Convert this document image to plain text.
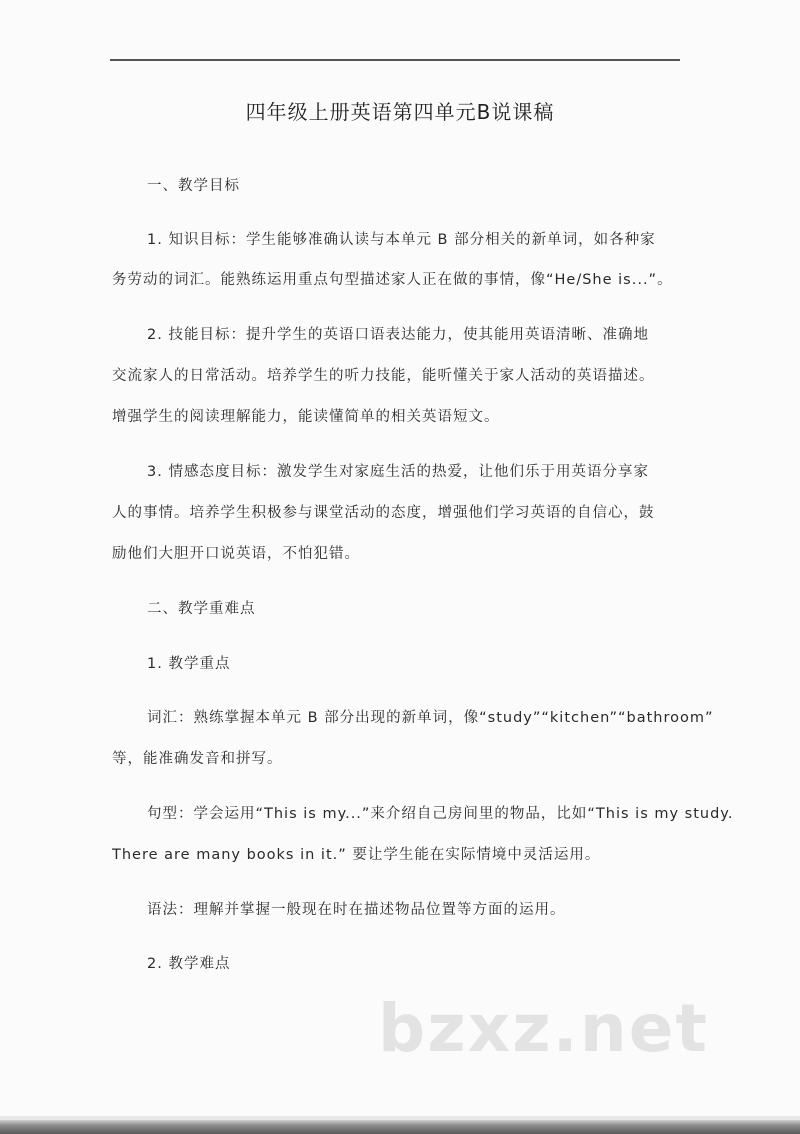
四年级上册英语第四单元B说课稿
一、教学目标
1. 知识目标：学生能够准确认读与本单元 B 部分相关的新单词，如各种家
务劳动的词汇。能熟练运用重点句型描述家人正在做的事情，像“He/She is...”。
2. 技能目标：提升学生的英语口语表达能力，使其能用英语清晰、准确地
交流家人的日常活动。培养学生的听力技能，能听懂关于家人活动的英语描述。
增强学生的阅读理解能力，能读懂简单的相关英语短文。
3. 情感态度目标：激发学生对家庭生活的热爱，让他们乐于用英语分享家
人的事情。培养学生积极参与课堂活动的态度，增强他们学习英语的自信心，鼓
励他们大胆开口说英语，不怕犯错。
二、教学重难点
1. 教学重点
词汇：熟练掌握本单元 B 部分出现的新单词，像“study”“kitchen”“bathroom”
等，能准确发音和拼写。
句型：学会运用“This is my...”来介绍自己房间里的物品，比如“This is my study.
There are many books in it.” 要让学生能在实际情境中灵活运用。
语法：理解并掌握一般现在时在描述物品位置等方面的运用。
2. 教学难点
bzxz.net
